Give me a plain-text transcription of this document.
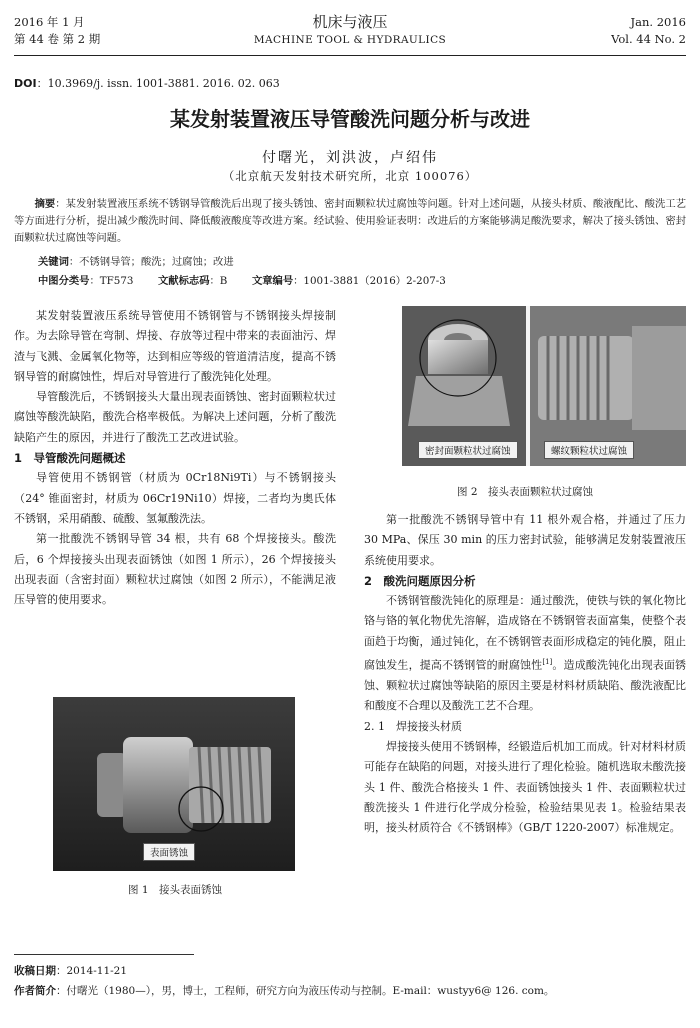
2016 年 1 月
第 44 卷 第 2 期
机床与液压
MACHINE TOOL & HYDRAULICS
Jan. 2016
Vol. 44 No. 2
DOI：10.3969/j. issn. 1001-3881. 2016. 02. 063
某发射装置液压导管酸洗问题分析与改进
付曙光，刘洪波，卢绍伟
（北京航天发射技术研究所，北京 100076）
摘要：某发射装置液压系统不锈钢导管酸洗后出现了接头锈蚀、密封面颗粒状过腐蚀等问题。针对上述问题，从接头材质、酸液配比、酸洗工艺等方面进行分析，提出减少酸洗时间、降低酸液酸度等改进方案。经试验、使用验证表明：改进后的方案能够满足酸洗要求，解决了接头锈蚀、密封面颗粒状过腐蚀等问题。
关键词：不锈钢导管；酸洗；过腐蚀；改进
中图分类号：TF573 文献标志码：B 文章编号：1001-3881（2016）2-207-3

某发射装置液压系统导管使用不锈钢管与不锈钢接头焊接制作。为去除导管在弯制、焊接、存放等过程中带来的表面油污、焊渣与飞溅、金属氧化物等，达到相应等级的管道清洁度，提高不锈钢导管的耐腐蚀性，焊后对导管进行了酸洗钝化处理。

导管酸洗后，不锈钢接头大量出现表面锈蚀、密封面颗粒状过腐蚀等酸洗缺陷，酸洗合格率极低。为解决上述问题，分析了酸洗缺陷产生的原因，并进行了酸洗工艺改进试验。

1　导管酸洗问题概述

导管使用不锈钢管（材质为 0Cr18Ni9Ti）与不锈钢接头（24° 锥面密封，材质为 06Cr19Ni10）焊接，二者均为奥氏体不锈钢，采用硝酸、硫酸、氢氟酸洗法。

第一批酸洗不锈钢导管 34 根，共有 68 个焊接接头。酸洗后，6 个焊接接头出现表面锈蚀（如图 1 所示），26 个焊接接头出现表面（含密封面）颗粒状过腐蚀（如图 2 所示），不能满足液压导管的使用要求。

表面锈蚀
图 1　接头表面锈蚀
密封面颗粒状过腐蚀	螺纹颗粒状过腐蚀
图 2　接头表面颗粒状过腐蚀

第一批酸洗不锈钢导管中有 11 根外观合格，并通过了压力 30 MPa、保压 30 min 的压力密封试验，能够满足发射装置液压系统使用要求。

2　酸洗问题原因分析

不锈钢管酸洗钝化的原理是：通过酸洗，使铁与铁的氧化物比铬与铬的氧化物优先溶解，造成铬在不锈钢管表面富集，使整个表面趋于均衡，通过钝化，在不锈钢管表面形成稳定的钝化膜，阻止腐蚀发生，提高不锈钢管的耐腐蚀性[1]。造成酸洗钝化出现表面锈蚀、颗粒状过腐蚀等缺陷的原因主要是材料材质缺陷、酸洗液配比和酸度不合理以及酸洗工艺不合理。

2. 1　焊接接头材质

焊接接头使用不锈钢棒，经锻造后机加工而成。针对材料材质可能存在缺陷的问题，对接头进行了理化检验。随机选取未酸洗接头 1 件、酸洗合格接头 1 件、表面锈蚀接头 1 件、表面颗粒状过酸洗接头 1 件进行化学成分检验，检验结果见表 1。检验结果表明，接头材质符合《不锈钢棒》（GB/T 1220-2007）标准规定。

收稿日期：2014-11-21
作者简介：付曙光（1980—），男，博士，工程师，研究方向为液压传动与控制。E-mail：wustyy6@ 126. com。
